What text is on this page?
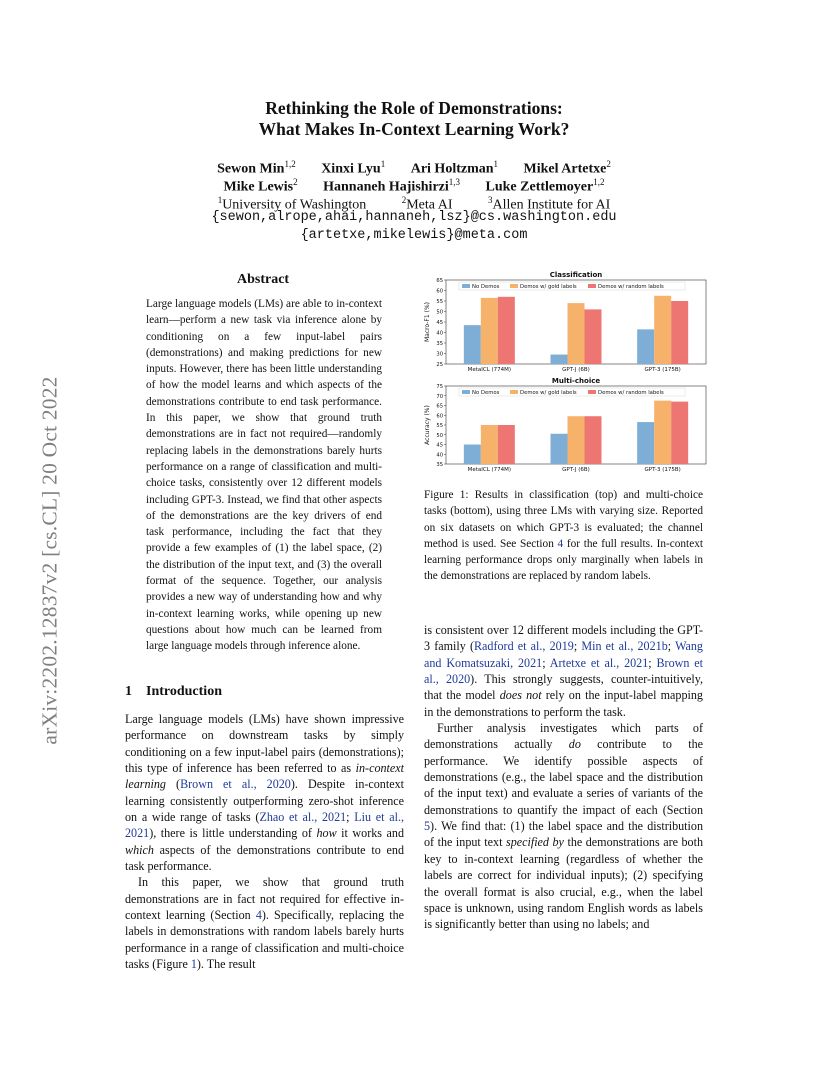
arXiv:2202.12837v2 [cs.CL] 20 Oct 2022
Rethinking the Role of Demonstrations:
What Makes In-Context Learning Work?
Sewon Min$^{1,2}$ Xinxi Lyu$^1$ Ari Holtzman$^1$ Mikel Artetxe$^2$
Mike Lewis$^2$ Hannaneh Hajishirzi$^{1,3}$ Luke Zettlemoyer$^{1,2}$
$^1$University of Washington	$^2$Meta AI	$^3$Allen Institute for AI
{sewon,alrope,ahai,hannaneh,lsz}@cs.washington.edu
{artetxe,mikelewis}@meta.com
Abstract
Large language models (LMs) are able to in-context learn—perform a new task via inference alone by conditioning on a few input-label pairs (demonstrations) and making predictions for new inputs. However, there has been little understanding of how the model learns and which aspects of the demonstrations contribute to end task performance. In this paper, we show that ground truth demonstrations are in fact not required—randomly replacing labels in the demonstrations barely hurts performance on a range of classification and multi-choice tasks, consistently over 12 different models including GPT-3. Instead, we find that other aspects of the demonstrations are the key drivers of end task performance, including the fact that they provide a few examples of (1) the label space, (2) the distribution of the input text, and (3) the overall format of the sequence. Together, our analysis provides a new way of understanding how and why in-context learning works, while opening up new questions about how much can be learned from large language models through inference alone.
1 Introduction

Large language models (LMs) have shown impressive performance on downstream tasks by simply conditioning on a few input-label pairs (demonstrations); this type of inference has been referred to as in-context learning (Brown et al., 2020). Despite in-context learning consistently outperforming zero-shot inference on a wide range of tasks (Zhao et al., 2021; Liu et al., 2021), there is little understanding of how it works and which aspects of the demonstrations contribute to end task performance.

In this paper, we show that ground truth demonstrations are in fact not required for effective in-context learning (Section 4). Specifically, replacing the labels in demonstrations with random labels barely hurts performance in a range of classification and multi-choice tasks (Figure 1). The result

is consistent over 12 different models including the GPT-3 family (Radford et al., 2019; Min et al., 2021b; Wang and Komatsuzaki, 2021; Artetxe et al., 2021; Brown et al., 2020). This strongly suggests, counter-intuitively, that the model does not rely on the input-label mapping in the demonstrations to perform the task.

Further analysis investigates which parts of demonstrations actually do contribute to the performance. We identify possible aspects of demonstrations (e.g., the label space and the distribution of the input text) and evaluate a series of variants of the demonstrations to quantify the impact of each (Section 5). We find that: (1) the label space and the distribution of the input text specified by the demonstrations are both key to in-context learning (regardless of whether the labels are correct for individual inputs); (2) specifying the overall format is also crucial, e.g., when the label space is unknown, using random English words as labels is significantly better than using no labels; and

Classification
Macro-F1 (%)
25
30
35
40
45
50
55
60
65
MetaICL (774M)	GPT-J (6B)	GPT-3 (175B)
No Demos	Demos w/ gold labels	Demos w/ random labels
Multi-choice
Accuracy (%)
35
40
45
50
55
60
65
70
75
MetaICL (774M)	GPT-J (6B)	GPT-3 (175B)
No Demos	Demos w/ gold labels	Demos w/ random labels
Figure 1: Results in classification (top) and multi-choice tasks (bottom), using three LMs with varying size. Reported on six datasets on which GPT-3 is evaluated; the channel method is used. See Section 4 for the full results. In-context learning performance drops only marginally when labels in the demonstrations are replaced by random labels.
